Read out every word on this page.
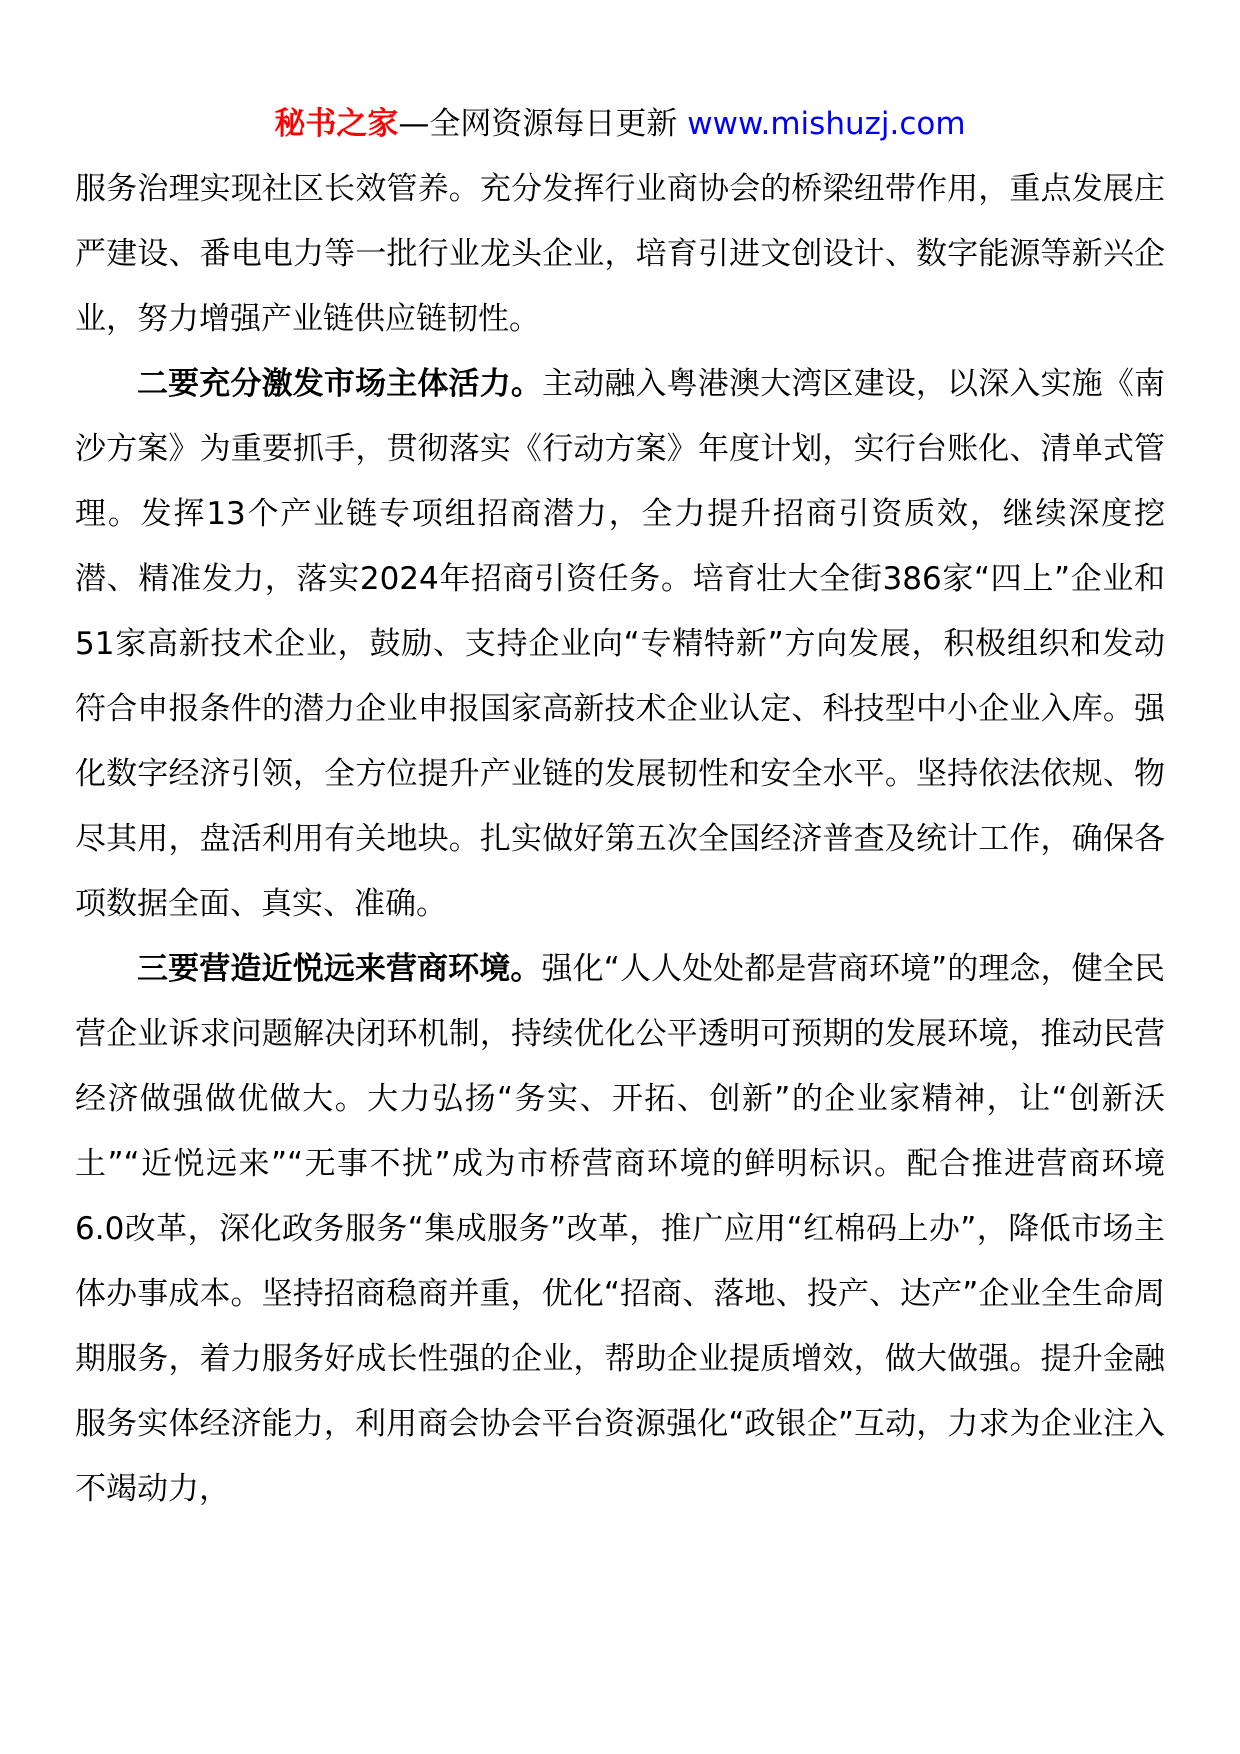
秘书之家—全网资源每日更新 www.mishuzj.com

服务治理实现社区长效管养。充分发挥行业商协会的桥梁纽带作用，重点发展庄严建设、番电电力等一批行业龙头企业，培育引进文创设计、数字能源等新兴企业，努力增强产业链供应链韧性。

二要充分激发市场主体活力。主动融入粤港澳大湾区建设，以深入实施《南沙方案》为重要抓手，贯彻落实《行动方案》年度计划，实行台账化、清单式管理。发挥13个产业链专项组招商潜力，全力提升招商引资质效，继续深度挖潜、精准发力，落实2024年招商引资任务。培育壮大全街386家“四上”企业和51家高新技术企业，鼓励、支持企业向“专精特新”方向发展，积极组织和发动符合申报条件的潜力企业申报国家高新技术企业认定、科技型中小企业入库。强化数字经济引领，全方位提升产业链的发展韧性和安全水平。坚持依法依规、物尽其用，盘活利用有关地块。扎实做好第五次全国经济普查及统计工作，确保各项数据全面、真实、准确。

三要营造近悦远来营商环境。强化“人人处处都是营商环境”的理念，健全民营企业诉求问题解决闭环机制，持续优化公平透明可预期的发展环境，推动民营经济做强做优做大。大力弘扬“务实、开拓、创新”的企业家精神，让“创新沃土”“近悦远来”“无事不扰”成为市桥营商环境的鲜明标识。配合推进营商环境6.0改革，深化政务服务“集成服务”改革，推广应用“红棉码上办”，降低市场主体办事成本。坚持招商稳商并重，优化“招商、落地、投产、达产”企业全生命周期服务，着力服务好成长性强的企业，帮助企业提质增效，做大做强。提升金融服务实体经济能力，利用商会协会平台资源强化“政银企”互动，力求为企业注入不竭动力，
